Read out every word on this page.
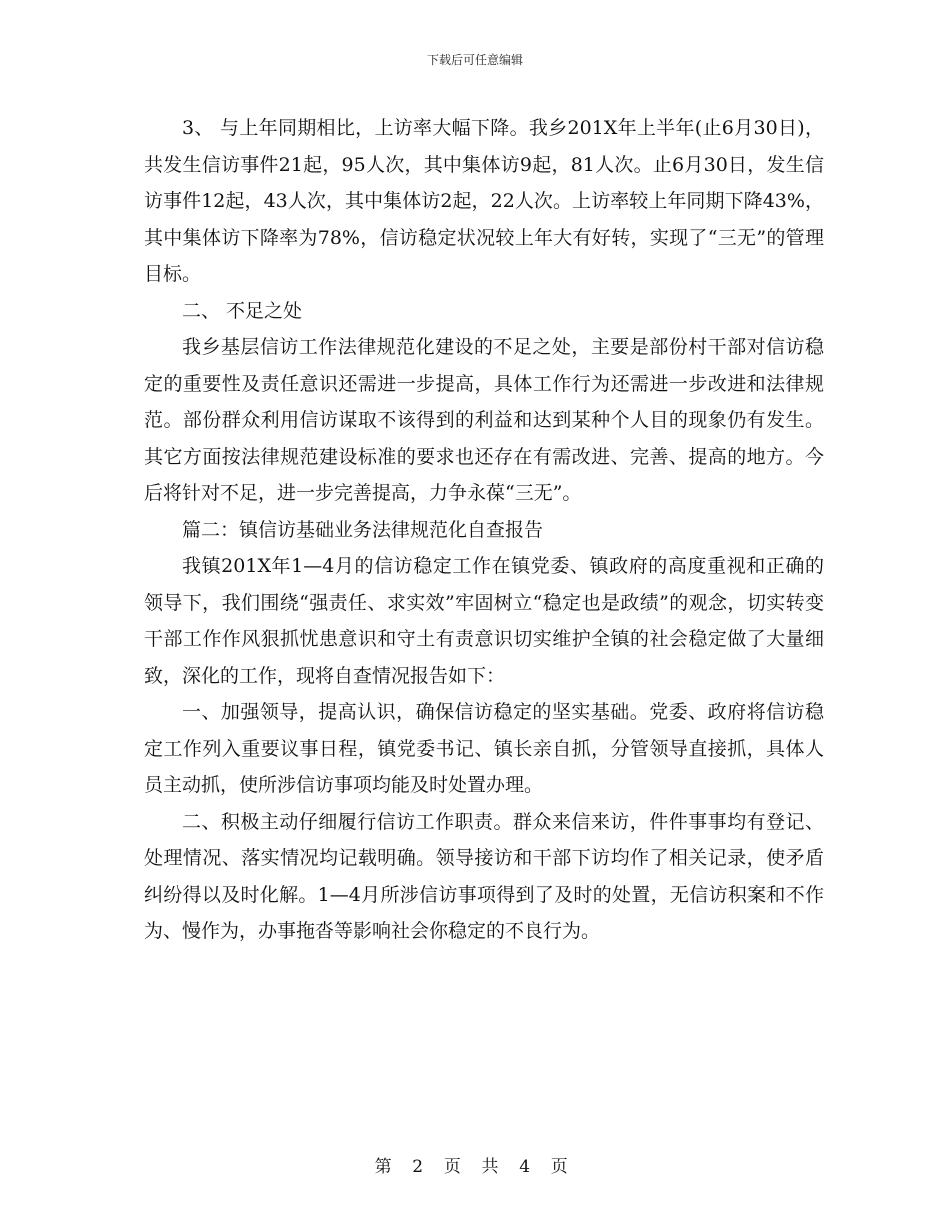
下载后可任意编辑

3、 与上年同期相比，上访率大幅下降。我乡201X年上半年(止6月30日)，共发生信访事件21起，95人次，其中集体访9起，81人次。止6月30日，发生信访事件12起，43人次，其中集体访2起，22人次。上访率较上年同期下降43%，其中集体访下降率为78%，信访稳定状况较上年大有好转，实现了“三无”的管理目标。

二、 不足之处

我乡基层信访工作法律规范化建设的不足之处，主要是部份村干部对信访稳定的重要性及责任意识还需进一步提高，具体工作行为还需进一步改进和法律规范。部份群众利用信访谋取不该得到的利益和达到某种个人目的现象仍有发生。其它方面按法律规范建设标准的要求也还存在有需改进、完善、提高的地方。今后将针对不足，进一步完善提高，力争永葆“三无”。

篇二：镇信访基础业务法律规范化自查报告

我镇201X年1—4月的信访稳定工作在镇党委、镇政府的高度重视和正确的领导下，我们围绕“强责任、求实效”牢固树立“稳定也是政绩”的观念，切实转变干部工作作风狠抓忧患意识和守土有责意识切实维护全镇的社会稳定做了大量细致，深化的工作，现将自查情况报告如下：

一、加强领导，提高认识，确保信访稳定的坚实基础。党委、政府将信访稳定工作列入重要议事日程，镇党委书记、镇长亲自抓，分管领导直接抓，具体人员主动抓，使所涉信访事项均能及时处置办理。

二、积极主动仔细履行信访工作职责。群众来信来访，件件事事均有登记、处理情况、落实情况均记载明确。领导接访和干部下访均作了相关记录，使矛盾纠纷得以及时化解。1—4月所涉信访事项得到了及时的处置，无信访积案和不作为、慢作为，办事拖沓等影响社会你稳定的不良行为。

第 2 页 共 4 页
